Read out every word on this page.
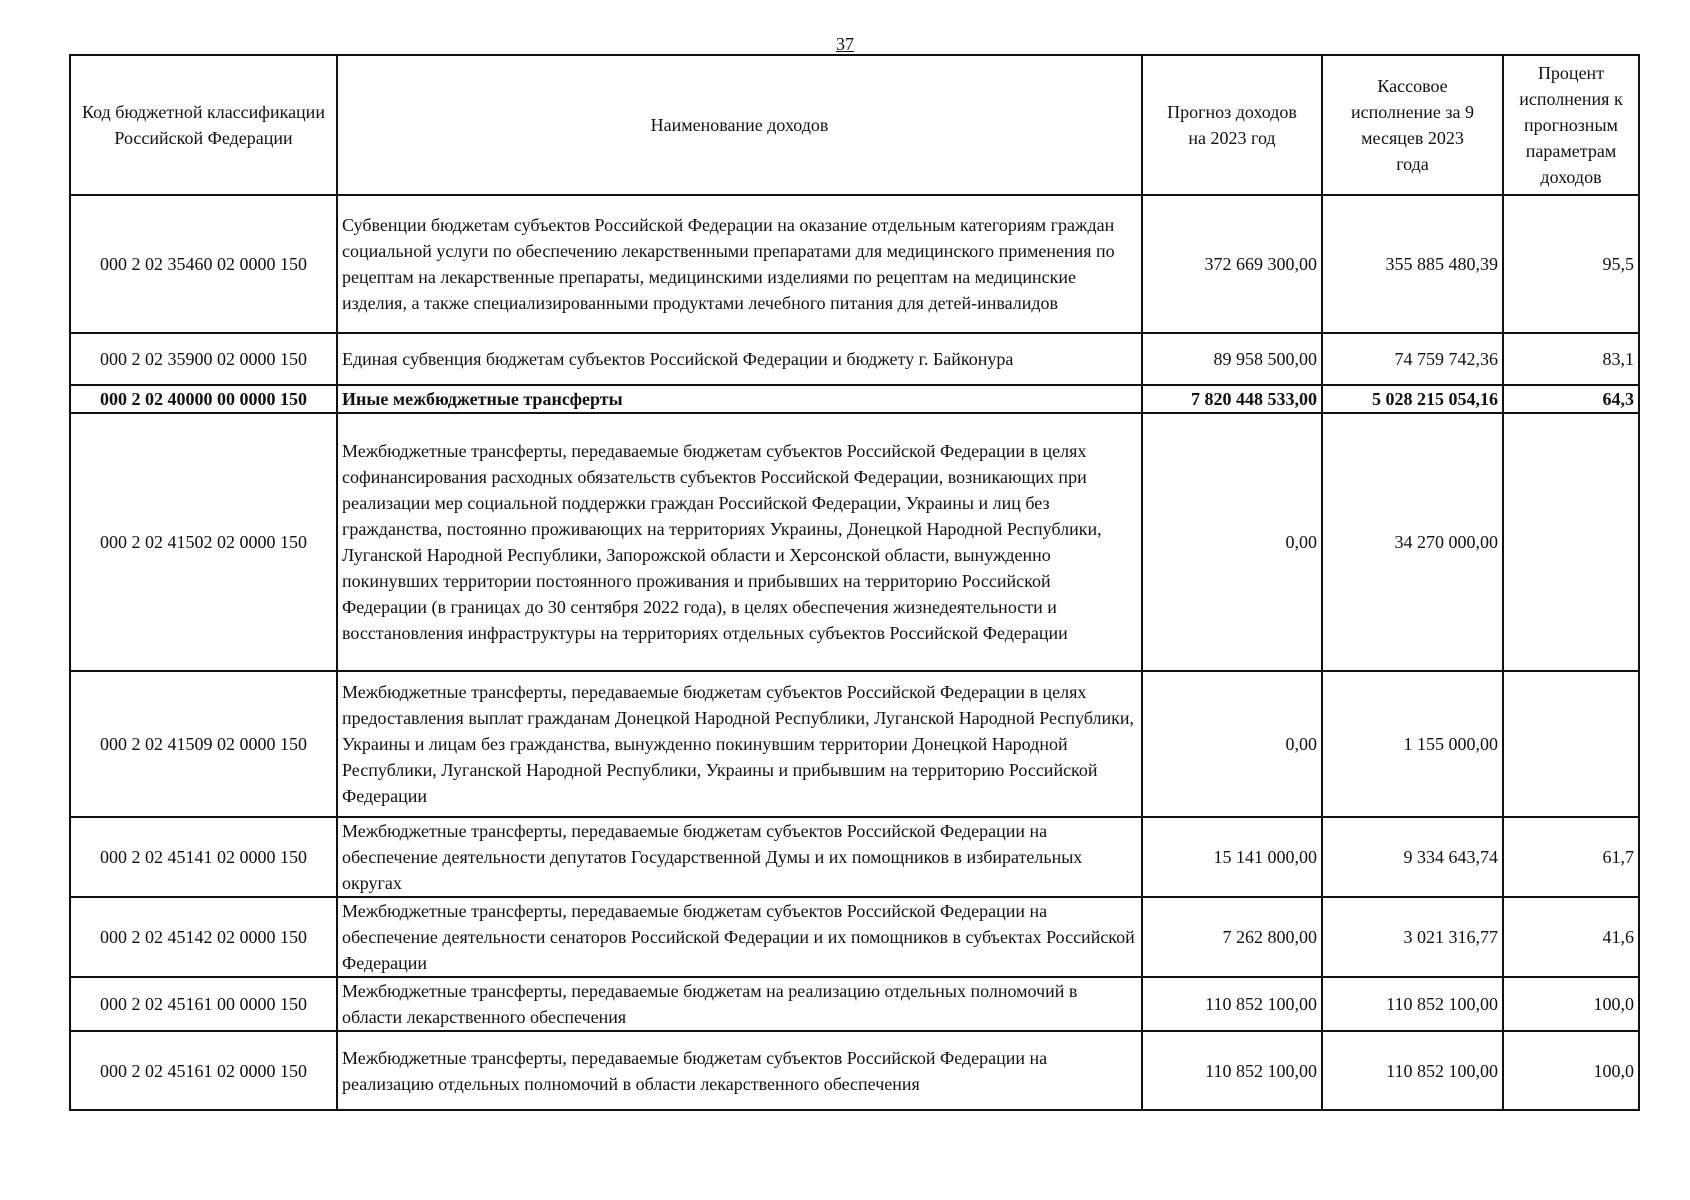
37
Код бюджетной классификации Российской Федерации	Наименование доходов	Прогноз доходов на 2023 год	Кассовое исполнение за 9 месяцев 2023 года	Процент исполнения к прогнозным параметрам доходов
000 2 02 35460 02 0000 150	Субвенции бюджетам субъектов Российской Федерации на оказание отдельным категориям граждан социальной услуги по обеспечению лекарственными препаратами для медицинского применения по рецептам на лекарственные препараты, медицинскими изделиями по рецептам на медицинские изделия, а также специализированными продуктами лечебного питания для детей-инвалидов	372 669 300,00	355 885 480,39	95,5
000 2 02 35900 02 0000 150	Единая субвенция бюджетам субъектов Российской Федерации и бюджету г. Байконура	89 958 500,00	74 759 742,36	83,1
000 2 02 40000 00 0000 150	Иные межбюджетные трансферты	7 820 448 533,00	5 028 215 054,16	64,3
000 2 02 41502 02 0000 150	Межбюджетные трансферты, передаваемые бюджетам субъектов Российской Федерации в целях софинансирования расходных обязательств субъектов Российской Федерации, возникающих при реализации мер социальной поддержки граждан Российской Федерации, Украины и лиц без гражданства, постоянно проживающих на территориях Украины, Донецкой Народной Республики, Луганской Народной Республики, Запорожской области и Херсонской области, вынужденно покинувших территории постоянного проживания и прибывших на территорию Российской Федерации (в границах до 30 сентября 2022 года), в целях обеспечения жизнедеятельности и восстановления инфраструктуры на территориях отдельных субъектов Российской Федерации	0,00	34 270 000,00	
000 2 02 41509 02 0000 150	Межбюджетные трансферты, передаваемые бюджетам субъектов Российской Федерации в целях предоставления выплат гражданам Донецкой Народной Республики, Луганской Народной Республики, Украины и лицам без гражданства, вынужденно покинувшим территории Донецкой Народной Республики, Луганской Народной Республики, Украины и прибывшим на территорию Российской Федерации	0,00	1 155 000,00	
000 2 02 45141 02 0000 150	Межбюджетные трансферты, передаваемые бюджетам субъектов Российской Федерации на обеспечение деятельности депутатов Государственной Думы и их помощников в избирательных округах	15 141 000,00	9 334 643,74	61,7
000 2 02 45142 02 0000 150	Межбюджетные трансферты, передаваемые бюджетам субъектов Российской Федерации на обеспечение деятельности сенаторов Российской Федерации и их помощников в субъектах Российской Федерации	7 262 800,00	3 021 316,77	41,6
000 2 02 45161 00 0000 150	Межбюджетные трансферты, передаваемые бюджетам на реализацию отдельных полномочий в области лекарственного обеспечения	110 852 100,00	110 852 100,00	100,0
000 2 02 45161 02 0000 150	Межбюджетные трансферты, передаваемые бюджетам субъектов Российской Федерации на реализацию отдельных полномочий в области лекарственного обеспечения	110 852 100,00	110 852 100,00	100,0
